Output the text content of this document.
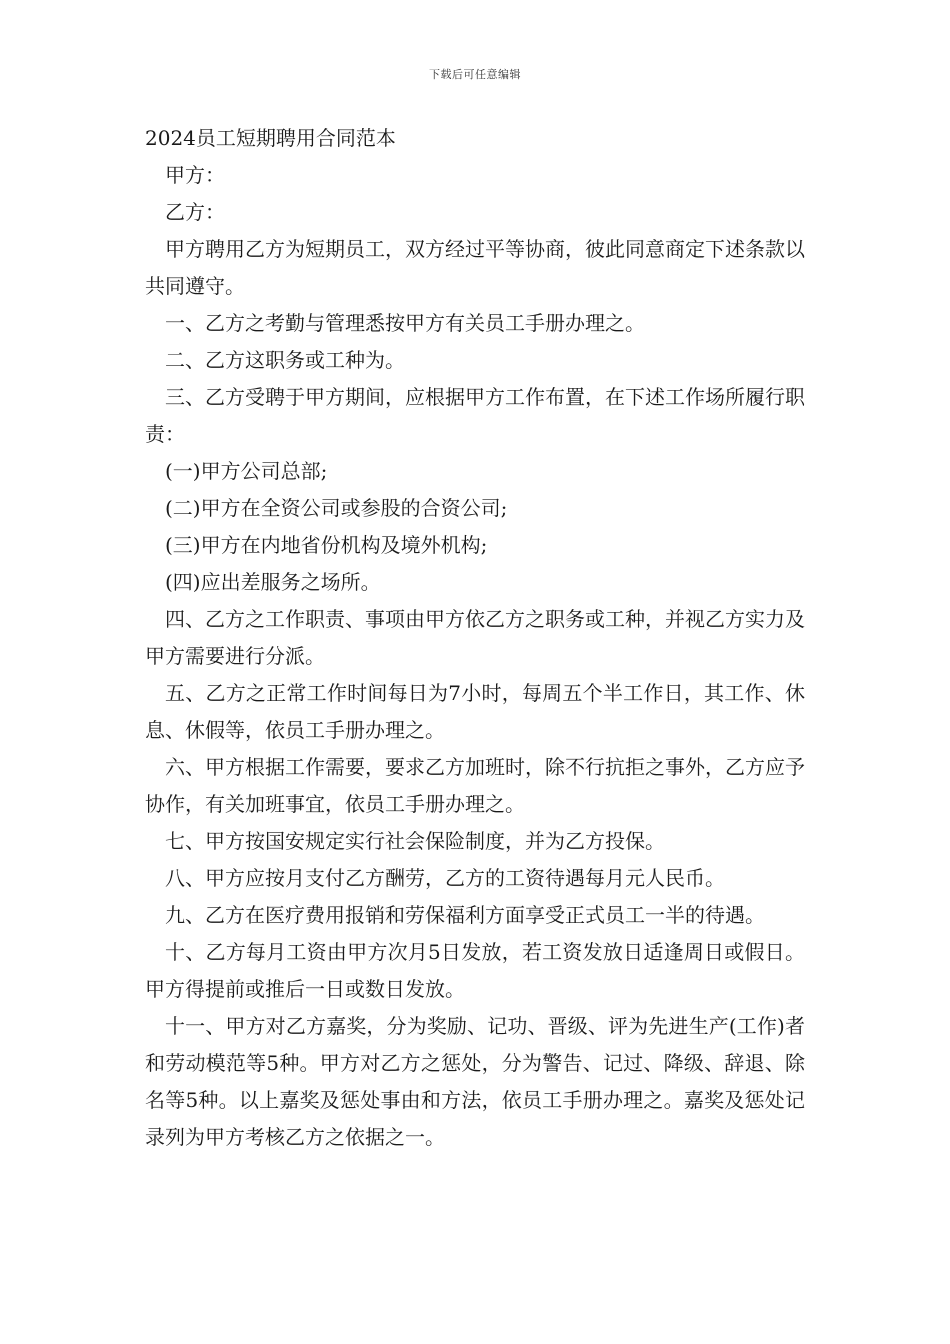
下载后可任意编辑
2024员工短期聘用合同范本

甲方：

乙方：

甲方聘用乙方为短期员工，双方经过平等协商，彼此同意商定下述条款以共同遵守。

一、乙方之考勤与管理悉按甲方有关员工手册办理之。

二、乙方这职务或工种为。

三、乙方受聘于甲方期间，应根据甲方工作布置，在下述工作场所履行职责：

(一)甲方公司总部;

(二)甲方在全资公司或参股的合资公司;

(三)甲方在内地省份机构及境外机构;

(四)应出差服务之场所。

四、乙方之工作职责、事项由甲方依乙方之职务或工种，并视乙方实力及甲方需要进行分派。

五、乙方之正常工作时间每日为7小时，每周五个半工作日，其工作、休息、休假等，依员工手册办理之。

六、甲方根据工作需要，要求乙方加班时，除不行抗拒之事外，乙方应予协作，有关加班事宜，依员工手册办理之。

七、甲方按国安规定实行社会保险制度，并为乙方投保。

八、甲方应按月支付乙方酬劳，乙方的工资待遇每月元人民币。

九、乙方在医疗费用报销和劳保福利方面享受正式员工一半的待遇。

十、乙方每月工资由甲方次月5日发放，若工资发放日适逢周日或假日。甲方得提前或推后一日或数日发放。

十一、甲方对乙方嘉奖，分为奖励、记功、晋级、评为先进生产(工作)者和劳动模范等5种。甲方对乙方之惩处，分为警告、记过、降级、辞退、除名等5种。以上嘉奖及惩处事由和方法，依员工手册办理之。嘉奖及惩处记录列为甲方考核乙方之依据之一。
